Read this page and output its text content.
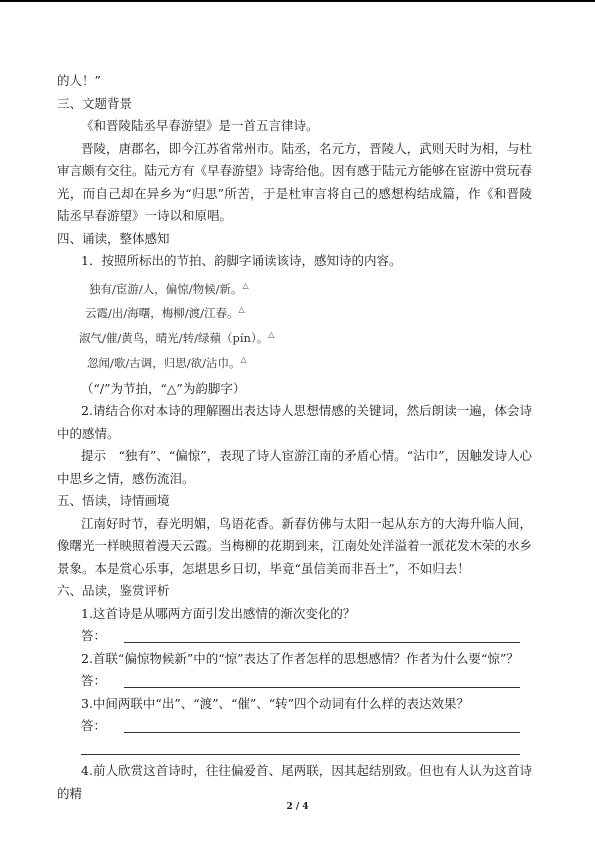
的人！”

三、文题背景

《和晋陵陆丞早春游望》是一首五言律诗。

晋陵，唐郡名，即今江苏省常州市。陆丞，名元方，晋陵人，武则天时为相，与杜审言颇有交往。陆元方有《早春游望》诗寄给他。因有感于陆元方能够在宦游中赏玩春光，而自己却在异乡为“归思”所苦，于是杜审言将自己的感想构结成篇，作《和晋陵陆丞早春游望》一诗以和原唱。

四、诵读，整体感知

1．按照所标出的节拍、韵脚字诵读该诗，感知诗的内容。

独有/宦游/人，偏惊/物候/新。△
云霞/出/海曙，梅柳/渡/江春。△
淑气/催/黄鸟，晴光/转/绿蘋（pín）。△
忽闻/歌/古调，归思/欲/沾巾。△

（“/”为节拍，“△”为韵脚字）

2.请结合你对本诗的理解圈出表达诗人思想情感的关键词，然后朗读一遍，体会诗中的感情。

提示　“独有”、“偏惊”，表现了诗人宦游江南的矛盾心情。“沾巾”，因触发诗人心中思乡之情，感伤流泪。

五、悟读，诗情画境

江南好时节，春光明媚，鸟语花香。新春仿佛与太阳一起从东方的大海升临人间，像曙光一样映照着漫天云霞。当梅柳的花期到来，江南处处洋溢着一派花发木荣的水乡景象。本是赏心乐事，怎堪思乡日切，毕竟“虽信美而非吾土”，不如归去！

六、品读，鉴赏评析

1.这首诗是从哪两方面引发出感情的渐次变化的？

答：

2.首联“偏惊物候新”中的“惊”表达了作者怎样的思想感情？作者为什么要“惊”？

答：

3.中间两联中“出”、“渡”、“催”、“转”四个动词有什么样的表达效果？

答：

4.前人欣赏这首诗时，往往偏爱首、尾两联，因其起结别致。但也有人认为这首诗的精

2 / 4
